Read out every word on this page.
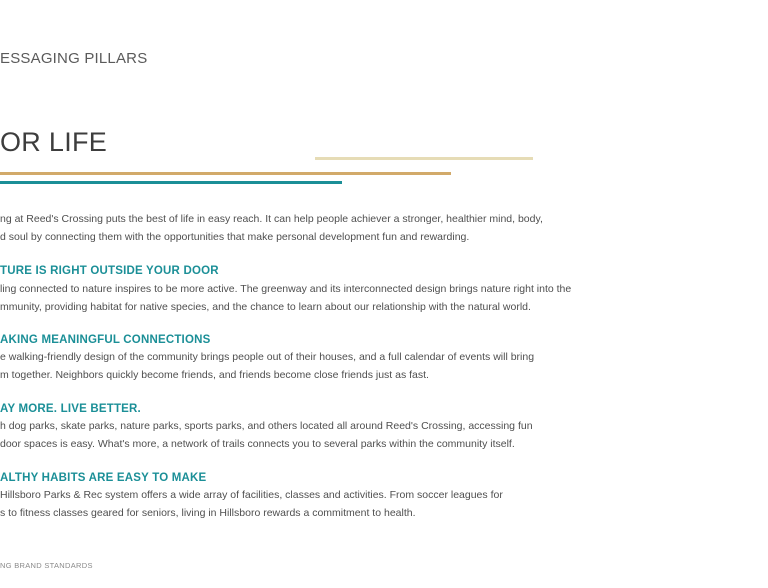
ESSAGING PILLARS
OR LIFE

ng at Reed's Crossing puts the best of life in easy reach. It can help people achiever a stronger, healthier mind, body,

d soul by connecting them with the opportunities that make personal development fun and rewarding.

TURE IS RIGHT OUTSIDE YOUR DOOR

ling connected to nature inspires to be more active. The greenway and its interconnected design brings nature right into the

mmunity, providing habitat for native species, and the chance to learn about our relationship with the natural world.

AKING MEANINGFUL CONNECTIONS

e walking-friendly design of the community brings people out of their houses, and a full calendar of events will bring

m together. Neighbors quickly become friends, and friends become close friends just as fast.

AY MORE. LIVE BETTER.

h dog parks, skate parks, nature parks, sports parks, and others located all around Reed's Crossing, accessing fun

door spaces is easy. What's more, a network of trails connects you to several parks within the community itself.

ALTHY HABITS ARE EASY TO MAKE

Hillsboro Parks & Rec system offers a wide array of facilities, classes and activities. From soccer leagues for

s to fitness classes geared for seniors, living in Hillsboro rewards a commitment to health.

NG BRAND STANDARDS
